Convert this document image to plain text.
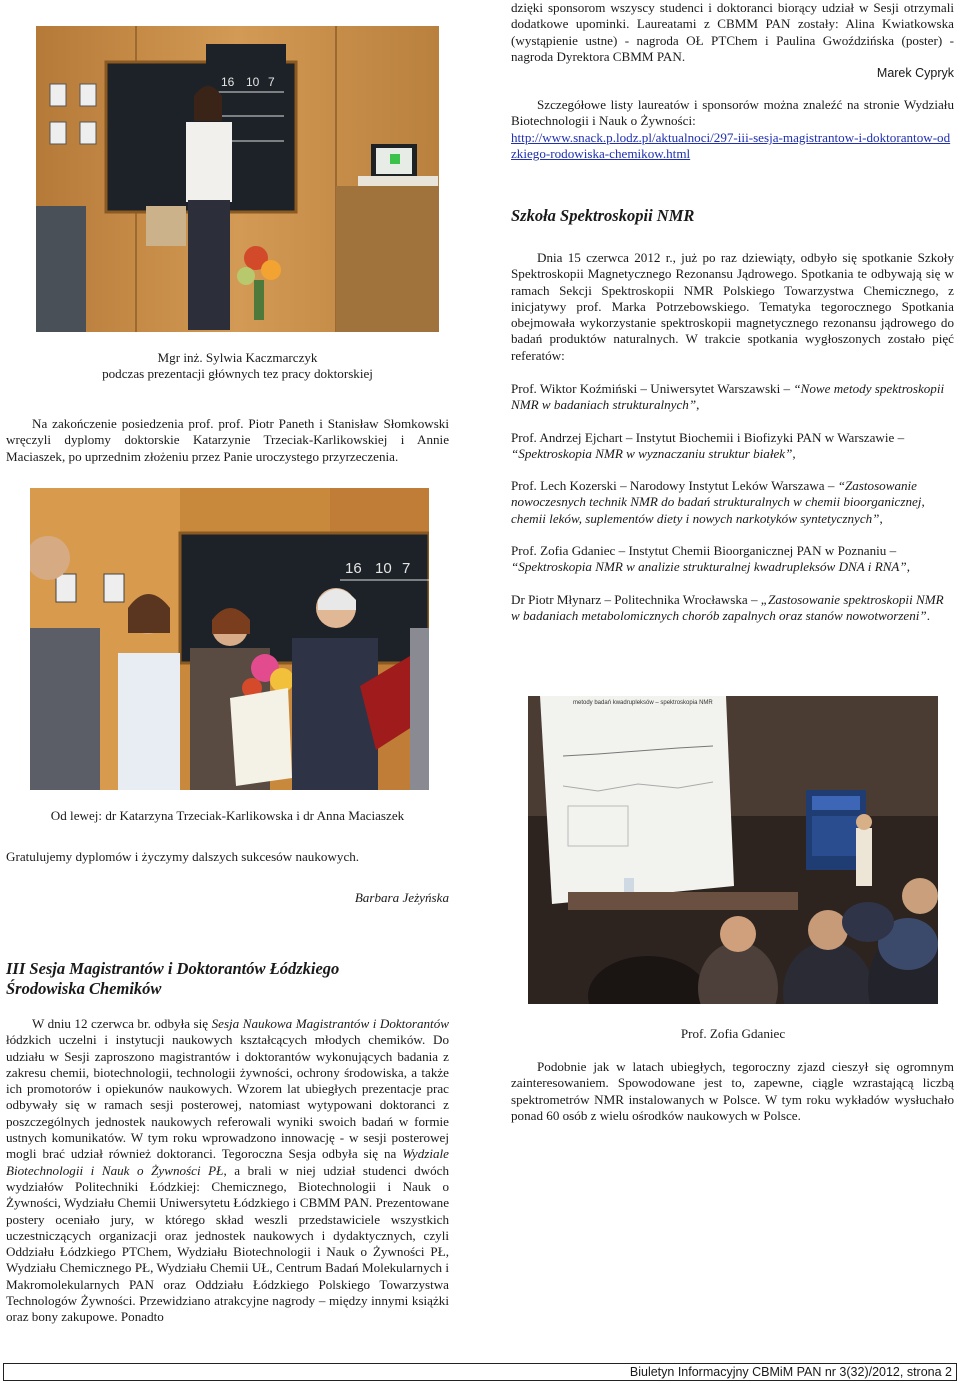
dzięki sponsorom wszyscy studenci i doktoranci biorący udział w Sesji otrzymali dodatkowe upominki. Laureatami z CBMM PAN zostały: Alina Kwiatkowska (wystąpienie ustne) - nagroda OŁ PTChem i Paulina Gwoździńska (poster) - nagroda Dyrektora CBMM PAN.

Marek Cypryk

Szczegółowe listy laureatów i sponsorów można znaleźć na stronie Wydziału Biotechnologii i Nauk o Żywności:

http://www.snack.p.lodz.pl/aktualnoci/297-iii-sesja-magistrantow-i-doktorantow-odzkiego-rodowiska-chemikow.html
Szkoła Spektroskopii NMR

Dnia 15 czerwca 2012 r., już po raz dziewiąty, odbyło się spotkanie Szkoły Spektroskopii Magnetycznego Rezonansu Jądrowego. Spotkania te odbywają się w ramach Sekcji Spektroskopii NMR Polskiego Towarzystwa Chemicznego, z inicjatywy prof. Marka Potrzebowskiego. Tematyka tegorocznego Spotkania obejmowała wykorzystanie spektroskopii magnetycznego rezonansu jądrowego do badań produktów naturalnych. W trakcie spotkania wygłoszonych zostało pięć referatów:

Prof. Wiktor Koźmiński – Uniwersytet Warszawski – “Nowe metody spektroskopii NMR w badaniach strukturalnych”,

Prof. Andrzej Ejchart – Instytut Biochemii i Biofizyki PAN w Warszawie – “Spektroskopia NMR w wyznaczaniu struktur białek”,

Prof. Lech Kozerski – Narodowy Instytut Leków Warszawa – “Zastosowanie nowoczesnych technik NMR do badań strukturalnych w chemii bioorganicznej, chemii leków, suplementów diety i nowych narkotyków syntetycznych”,

Prof. Zofia Gdaniec – Instytut Chemii Bioorganicznej PAN w Poznaniu – “Spektroskopia NMR w analizie strukturalnej kwadrupleksów DNA i RNA”,

Dr Piotr Młynarz – Politechnika Wrocławska – „Zastosowanie spektroskopii NMR w badaniach metabolomicznych chorób zapalnych oraz stanów nowotworzeni”.

metody badań kwadrupleksów – spektroskopia NMR
Prof. Zofia Gdaniec

Podobnie jak w latach ubiegłych, tegoroczny zjazd cieszył się ogromnym zainteresowaniem. Spowodowane jest to, zapewne, ciągle wzrastającą liczbą spektrometrów NMR instalowanych w Polsce. W tym roku wykładów wysłuchało ponad 60 osób z wielu ośrodków naukowych w Polsce.

16 10 7
Mgr inż. Sylwia Kaczmarczyk
podczas prezentacji głównych tez pracy doktorskiej

Na zakończenie posiedzenia prof. prof. Piotr Paneth i Stanisław Słomkowski wręczyli dyplomy doktorskie Katarzynie Trzeciak-Karlikowskiej i Annie Maciaszek, po uprzednim złożeniu przez Panie uroczystego przyrzeczenia.

16 10 7
Od lewej: dr Katarzyna Trzeciak-Karlikowska i dr Anna Maciaszek
Gratulujemy dyplomów i życzymy dalszych sukcesów naukowych.
Barbara Jeżyńska
III Sesja Magistrantów i Doktorantów Łódzkiego
Środowiska Chemików

W dniu 12 czerwca br. odbyła się Sesja Naukowa Magistrantów i Doktorantów łódzkich uczelni i instytucji naukowych kształcących młodych chemików. Do udziału w Sesji zaproszono magistrantów i doktorantów wykonujących badania z zakresu chemii, biotechnologii, technologii żywności, ochrony środowiska, a także ich promotorów i opiekunów naukowych. Wzorem lat ubiegłych prezentacje prac odbywały się w ramach sesji posterowej, natomiast wytypowani doktoranci z poszczególnych jednostek naukowych referowali wyniki swoich badań w formie ustnych komunikatów. W tym roku wprowadzono innowację - w sesji posterowej mogli brać udział również doktoranci. Tegoroczna Sesja odbyła się na Wydziale Biotechnologii i Nauk o Żywności PŁ, a brali w niej udział studenci dwóch wydziałów Politechniki Łódzkiej: Chemicznego, Biotechnologii i Nauk o Żywności, Wydziału Chemii Uniwersytetu Łódzkiego i CBMM PAN. Prezentowane postery oceniało jury, w którego skład weszli przedstawiciele wszystkich uczestniczących organizacji oraz jednostek naukowych i dydaktycznych, czyli Oddziału Łódzkiego PTChem, Wydziału Biotechnologii i Nauk o Żywności PŁ, Wydziału Chemicznego PŁ, Wydziału Chemii UŁ, Centrum Badań Molekularnych i Makromolekularnych PAN oraz Oddziału Łódzkiego Polskiego Towarzystwa Technologów Żywności. Przewidziano atrakcyjne nagrody – między innymi książki oraz bony zakupowe. Ponadto

Biuletyn Informacyjny CBMiM PAN nr 3(32)/2012, strona 2
